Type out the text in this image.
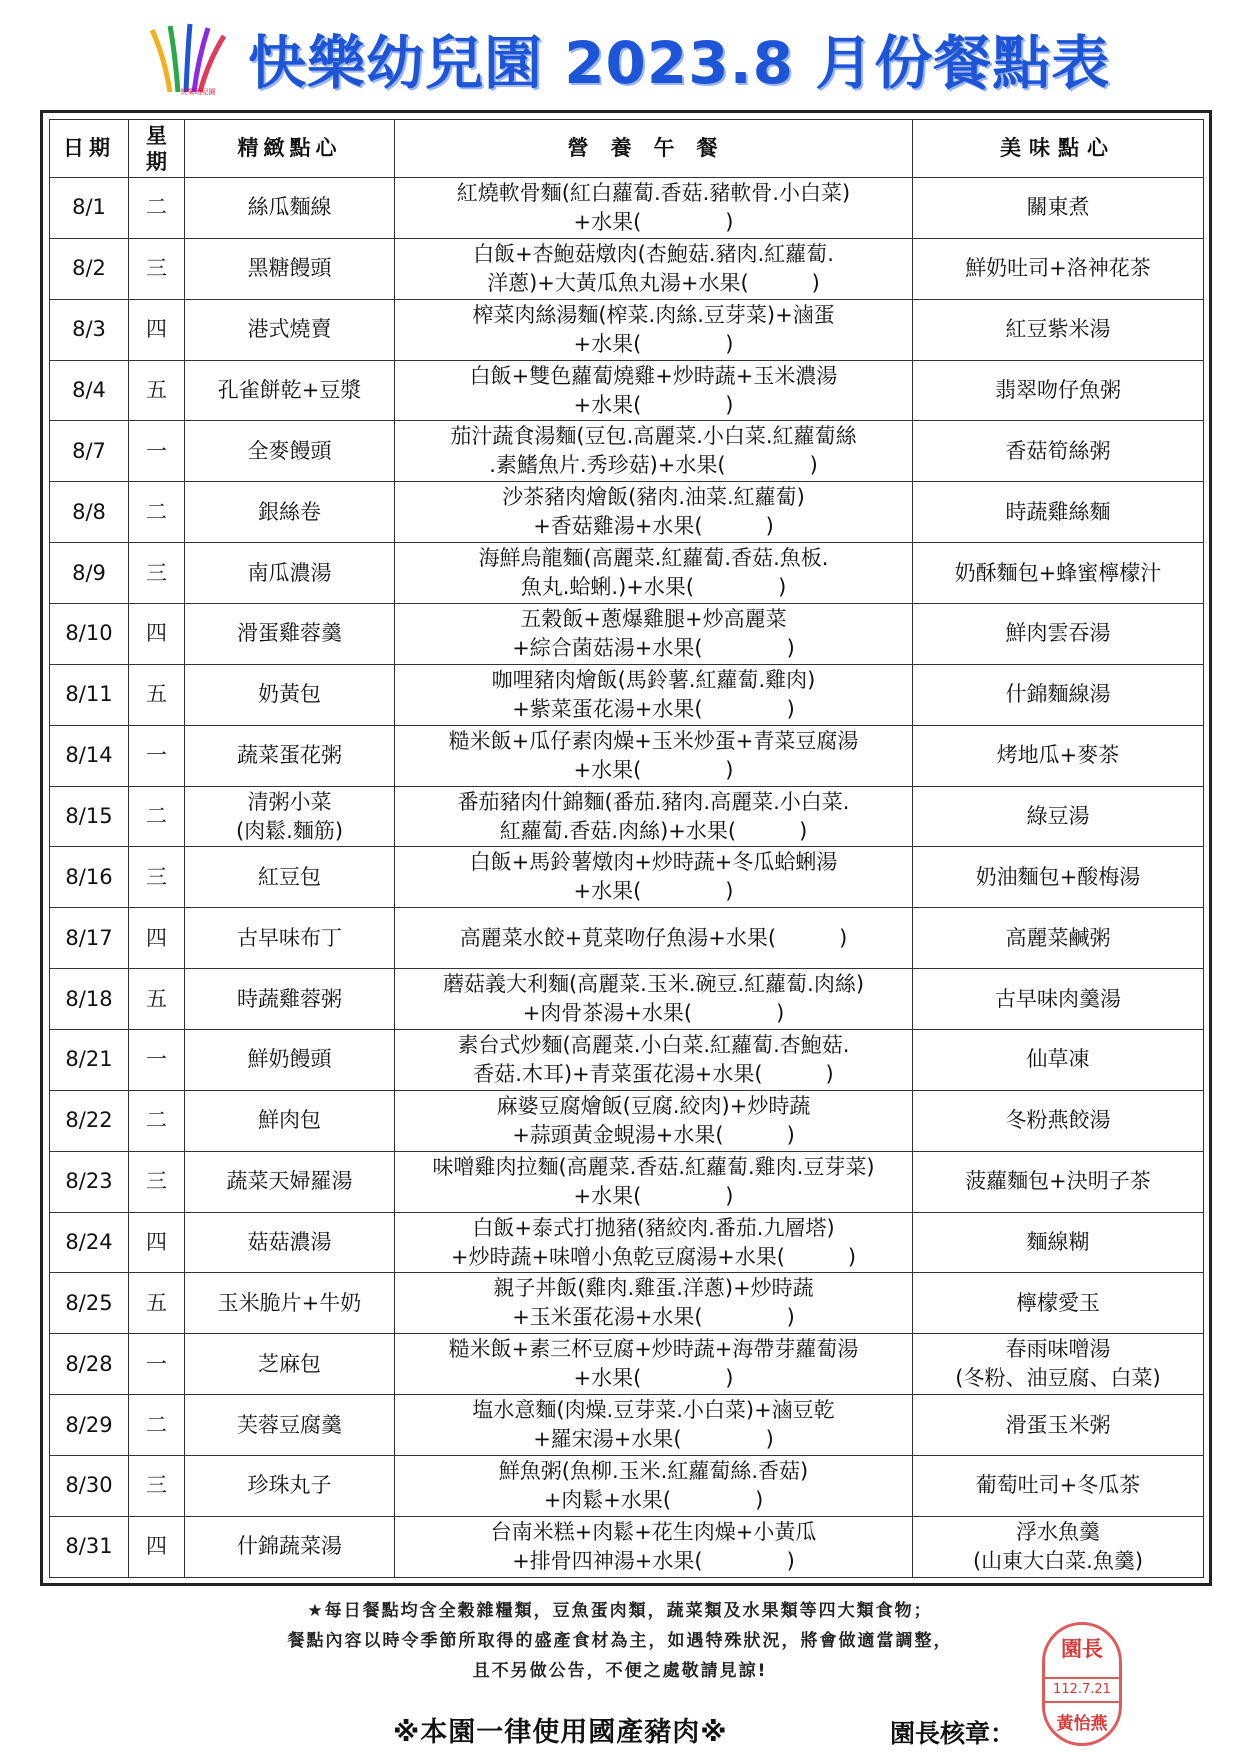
快樂幼兒園 快樂幼兒園 2023.8 月份餐點表
日期	星期	精緻點心	營養午餐	美味點心

8/1	二	絲瓜麵線	紅燒軟骨麵(紅白蘿蔔.香菇.豬軟骨.小白菜)
+水果(　　　　)	關東煮

8/2	三	黑糖饅頭	白飯+杏鮑菇燉肉(杏鮑菇.豬肉.紅蘿蔔.
洋蔥)+大黃瓜魚丸湯+水果(　　　)	鮮奶吐司+洛神花茶

8/3	四	港式燒賣	榨菜肉絲湯麵(榨菜.肉絲.豆芽菜)+滷蛋
+水果(　　　　)	紅豆紫米湯

8/4	五	孔雀餅乾+豆漿	白飯+雙色蘿蔔燒雞+炒時蔬+玉米濃湯
+水果(　　　　)	翡翠吻仔魚粥

8/7	一	全麥饅頭	茄汁蔬食湯麵(豆包.高麗菜.小白菜.紅蘿蔔絲
.素鰭魚片.秀珍菇)+水果(　　　　)	香菇筍絲粥

8/8	二	銀絲卷	沙茶豬肉燴飯(豬肉.油菜.紅蘿蔔)
+香菇雞湯+水果(　　　)	時蔬雞絲麵

8/9	三	南瓜濃湯	海鮮烏龍麵(高麗菜.紅蘿蔔.香菇.魚板.
魚丸.蛤蜊.)+水果(　　　　)	奶酥麵包+蜂蜜檸檬汁

8/10	四	滑蛋雞蓉羹	五穀飯+蔥爆雞腿+炒高麗菜
+綜合菌菇湯+水果(　　　　)	鮮肉雲吞湯

8/11	五	奶黃包	咖哩豬肉燴飯(馬鈴薯.紅蘿蔔.雞肉)
+紫菜蛋花湯+水果(　　　　)	什錦麵線湯

8/14	一	蔬菜蛋花粥	糙米飯+瓜仔素肉燥+玉米炒蛋+青菜豆腐湯
+水果(　　　　)	烤地瓜+麥茶

8/15	二	清粥小菜
(肉鬆.麵筋)	番茄豬肉什錦麵(番茄.豬肉.高麗菜.小白菜.
紅蘿蔔.香菇.肉絲)+水果(　　　)	綠豆湯

8/16	三	紅豆包	白飯+馬鈴薯燉肉+炒時蔬+冬瓜蛤蜊湯
+水果(　　　　)	奶油麵包+酸梅湯

8/17	四	古早味布丁	高麗菜水餃+莧菜吻仔魚湯+水果(　　　)	高麗菜鹹粥

8/18	五	時蔬雞蓉粥	蘑菇義大利麵(高麗菜.玉米.碗豆.紅蘿蔔.肉絲)
+肉骨茶湯+水果(　　　　)	古早味肉羹湯

8/21	一	鮮奶饅頭	素台式炒麵(高麗菜.小白菜.紅蘿蔔.杏鮑菇.
香菇.木耳)+青菜蛋花湯+水果(　　　)	仙草凍

8/22	二	鮮肉包	麻婆豆腐燴飯(豆腐.絞肉)+炒時蔬
+蒜頭黃金蜆湯+水果(　　　)	冬粉燕餃湯

8/23	三	蔬菜天婦羅湯	味噌雞肉拉麵(高麗菜.香菇.紅蘿蔔.雞肉.豆芽菜)
+水果(　　　　)	菠蘿麵包+決明子茶

8/24	四	菇菇濃湯	白飯+泰式打拋豬(豬絞肉.番茄.九層塔)
+炒時蔬+味噌小魚乾豆腐湯+水果(　　　)	麵線糊

8/25	五	玉米脆片+牛奶	親子丼飯(雞肉.雞蛋.洋蔥)+炒時蔬
+玉米蛋花湯+水果(　　　　)	檸檬愛玉

8/28	一	芝麻包	糙米飯+素三杯豆腐+炒時蔬+海帶芽蘿蔔湯
+水果(　　　　)	春雨味噌湯
(冬粉、油豆腐、白菜)

8/29	二	芙蓉豆腐羹	塩水意麵(肉燥.豆芽菜.小白菜)+滷豆乾
+羅宋湯+水果(　　　　)	滑蛋玉米粥

8/30	三	珍珠丸子	鮮魚粥(魚柳.玉米.紅蘿蔔絲.香菇)
+肉鬆+水果(　　　　)	葡萄吐司+冬瓜茶

8/31	四	什錦蔬菜湯	台南米糕+肉鬆+花生肉燥+小黃瓜
+排骨四神湯+水果(　　　　)	浮水魚羹
(山東大白菜.魚羹)
★每日餐點均含全穀雜糧類，豆魚蛋肉類，蔬菜類及水果類等四大類食物；
餐點內容以時令季節所取得的盛產食材為主，如遇特殊狀況，將會做適當調整，
且不另做公告，不便之處敬請見諒!
※本園一律使用國產豬肉※	園長核章：
園長
112.7.21
黃怡燕
